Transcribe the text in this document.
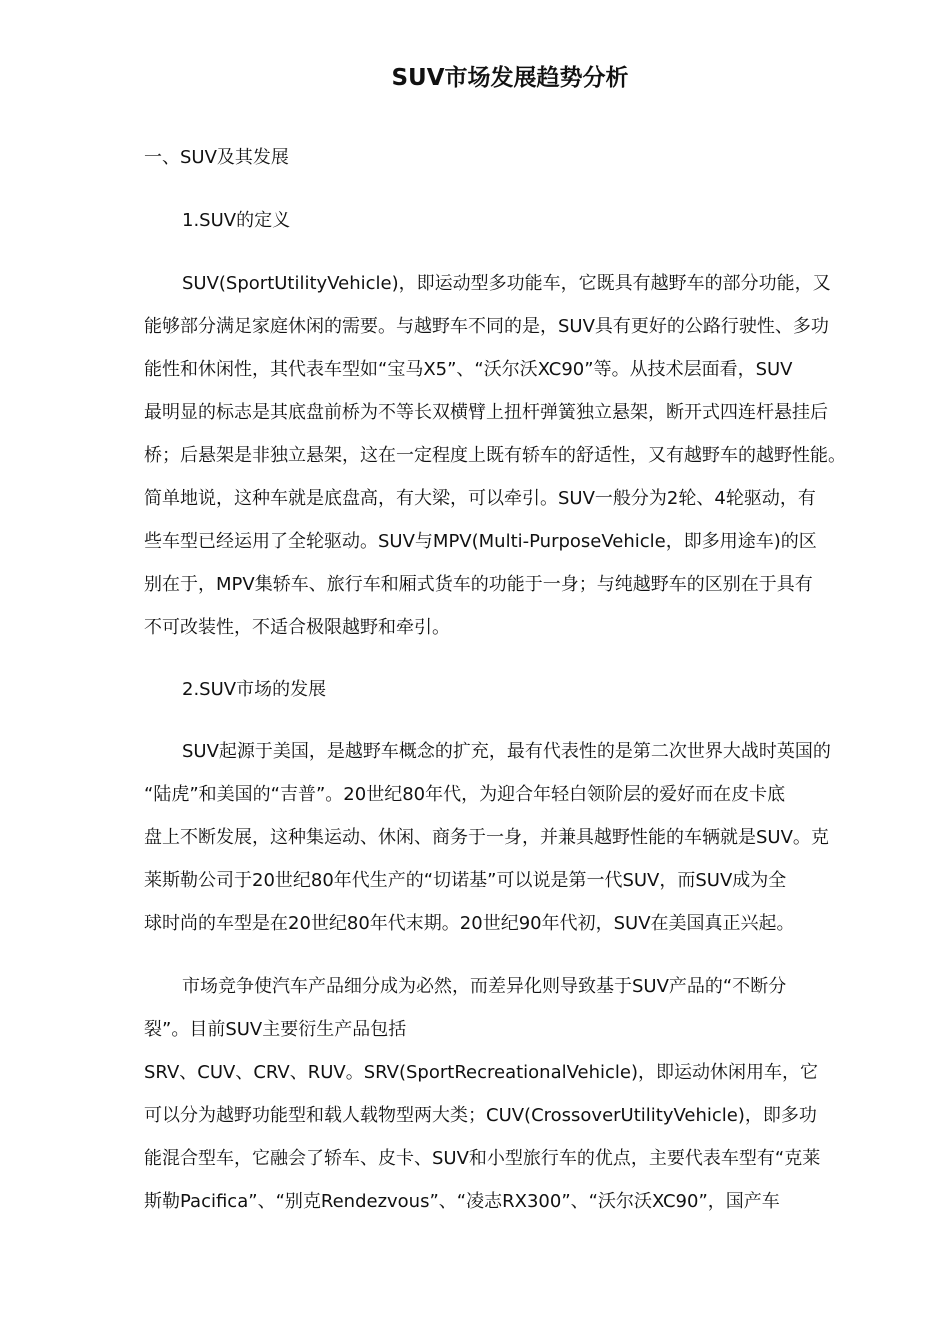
SUV市场发展趋势分析
一、SUV及其发展
1.SUV的定义
SUV(SportUtilityVehicle)，即运动型多功能车，它既具有越野车的部分功能，又
能够部分满足家庭休闲的需要。与越野车不同的是，SUV具有更好的公路行驶性、多功
能性和休闲性，其代表车型如“宝马X5”、“沃尔沃XC90”等。从技术层面看，SUV
最明显的标志是其底盘前桥为不等长双横臂上扭杆弹簧独立悬架，断开式四连杆悬挂后
桥；后悬架是非独立悬架，这在一定程度上既有轿车的舒适性，又有越野车的越野性能。
简单地说，这种车就是底盘高，有大梁，可以牵引。SUV一般分为2轮、4轮驱动，有
些车型已经运用了全轮驱动。SUV与MPV(Multi-PurposeVehicle，即多用途车)的区
别在于，MPV集轿车、旅行车和厢式货车的功能于一身；与纯越野车的区别在于具有
不可改装性，不适合极限越野和牵引。
2.SUV市场的发展
SUV起源于美国，是越野车概念的扩充，最有代表性的是第二次世界大战时英国的
“陆虎”和美国的“吉普”。20世纪80年代，为迎合年轻白领阶层的爱好而在皮卡底
盘上不断发展，这种集运动、休闲、商务于一身，并兼具越野性能的车辆就是SUV。克
莱斯勒公司于20世纪80年代生产的“切诺基”可以说是第一代SUV，而SUV成为全
球时尚的车型是在20世纪80年代末期。20世纪90年代初，SUV在美国真正兴起。
市场竞争使汽车产品细分成为必然，而差异化则导致基于SUV产品的“不断分
裂”。目前SUV主要衍生产品包括
SRV、CUV、CRV、RUV。SRV(SportRecreationalVehicle)，即运动休闲用车，它
可以分为越野功能型和载人载物型两大类；CUV(CrossoverUtilityVehicle)，即多功
能混合型车，它融会了轿车、皮卡、SUV和小型旅行车的优点，主要代表车型有“克莱
斯勒Pacifica”、“别克Rendezvous”、“凌志RX300”、“沃尔沃XC90”，国产车
